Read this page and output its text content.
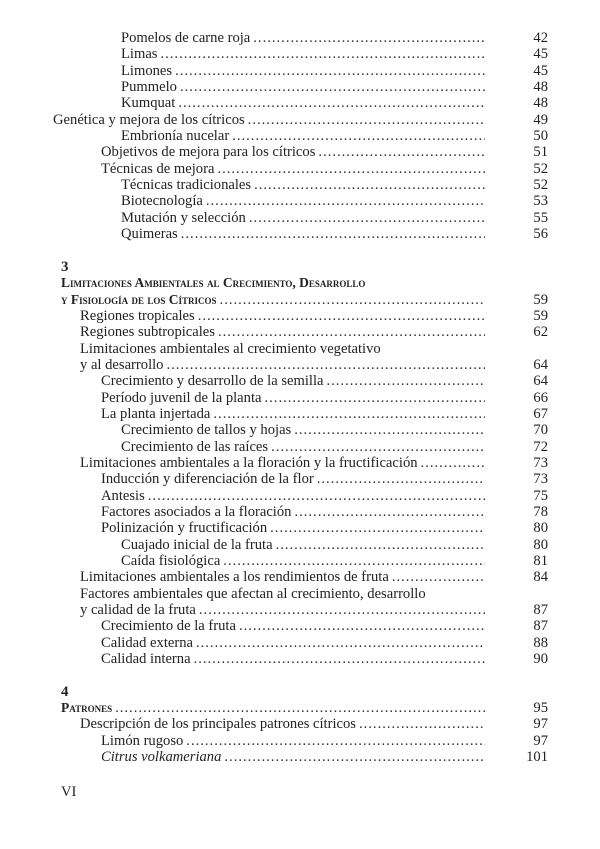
Pomelos de carne roja .....	42
Limas .....	45
Limones .....	45
Pummelo .....	48
Kumquat .....	48
Genética y mejora de los cítricos .....	49
Embrionía nucelar .....	50
Objetivos de mejora para los cítricos .....	51
Técnicas de mejora .....	52
Técnicas tradicionales .....	52
Biotecnología .....	53
Mutación y selección .....	55
Quimeras .....	56
3
Limitaciones Ambientales al Crecimiento, Desarrollo
y Fisiología de los Cítricos .....	59
Regiones tropicales .....	59
Regiones subtropicales .....	62
Limitaciones ambientales al crecimiento vegetativo
y al desarrollo .....	64
Crecimiento y desarrollo de la semilla .....	64
Período juvenil de la planta .....	66
La planta injertada .....	67
Crecimiento de tallos y hojas .....	70
Crecimiento de las raíces .....	72
Limitaciones ambientales a la floración y la fructificación .....	73
Inducción y diferenciación de la flor .....	73
Antesis .....	75
Factores asociados a la floración .....	78
Polinización y fructificación .....	80
Cuajado inicial de la fruta .....	80
Caída fisiológica .....	81
Limitaciones ambientales a los rendimientos de fruta .....	84
Factores ambientales que afectan al crecimiento, desarrollo
y calidad de la fruta .....	87
Crecimiento de la fruta .....	87
Calidad externa .....	88
Calidad interna .....	90
4
Patrones .....	95
Descripción de los principales patrones cítricos .....	97
Limón rugoso .....	97
Citrus volkameriana .....	101
VI
